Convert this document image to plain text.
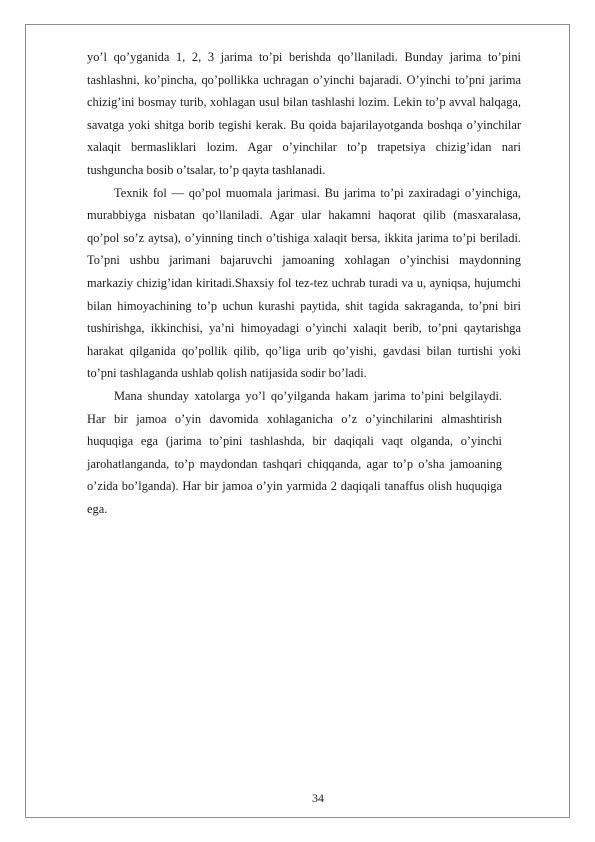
yo’l qo’yganida 1, 2, 3 jarima to’pi berishda qo’llaniladi. Bunday jarima to’pini tashlashni, ko’pincha, qo’pollikka uchragan o’yinchi bajaradi. O’yinchi to’pni jarima chizig’ini bosmay turib, xohlagan usul bilan tashlashi lozim. Lekin to’p avval halqaga, savatga yoki shitga borib tegishi kerak. Bu qoida bajarilayotganda boshqa o’yinchilar xalaqit bermasliklari lozim. Agar o’yinchilar to’p trapetsiya chizig’idan nari tushguncha bosib o’tsalar, to’p qayta tashlanadi.

Texnik fol — qo’pol muomala jarimasi. Bu jarima to’pi zaxiradagi o’yinchiga, murabbiyga nisbatan qo’llaniladi. Agar ular hakamni haqorat qilib (masxaralasa, qo’pol so’z aytsa), o’yinning tinch o’tishiga xalaqit bersa, ikkita jarima to’pi beriladi. To’pni ushbu jarimani bajaruvchi jamoaning xohlagan o’yinchisi maydonning markaziy chizig’idan kiritadi.Shaxsiy fol tez-tez uchrab turadi va u, ayniqsa, hujumchi bilan himoyachining to’p uchun kurashi paytida, shit tagida sakraganda, to’pni biri tushirishga, ikkinchisi, ya’ni himoyadagi o’yinchi xalaqit berib, to’pni qaytarishga harakat qilganida qo’pollik qilib, qo’liga urib qo’yishi, gavdasi bilan turtishi yoki to’pni tashlaganda ushlab qolish natijasida sodir bo’ladi.

Mana shunday xatolarga yo’l qo’yilganda hakam jarima to’pini belgilaydi. Har bir jamoa o’yin davomida xohlaganicha o’z o’yinchilarini almashtirish huquqiga ega (jarima to’pini tashlashda, bir daqiqali vaqt olganda, o’yinchi jarohatlanganda, to’p maydondan tashqari chiqqanda, agar to’p o’sha jamoaning o’zida bo’lganda). Har bir jamoa o’yin yarmida 2 daqiqali tanaffus olish huquqiga ega.

34
